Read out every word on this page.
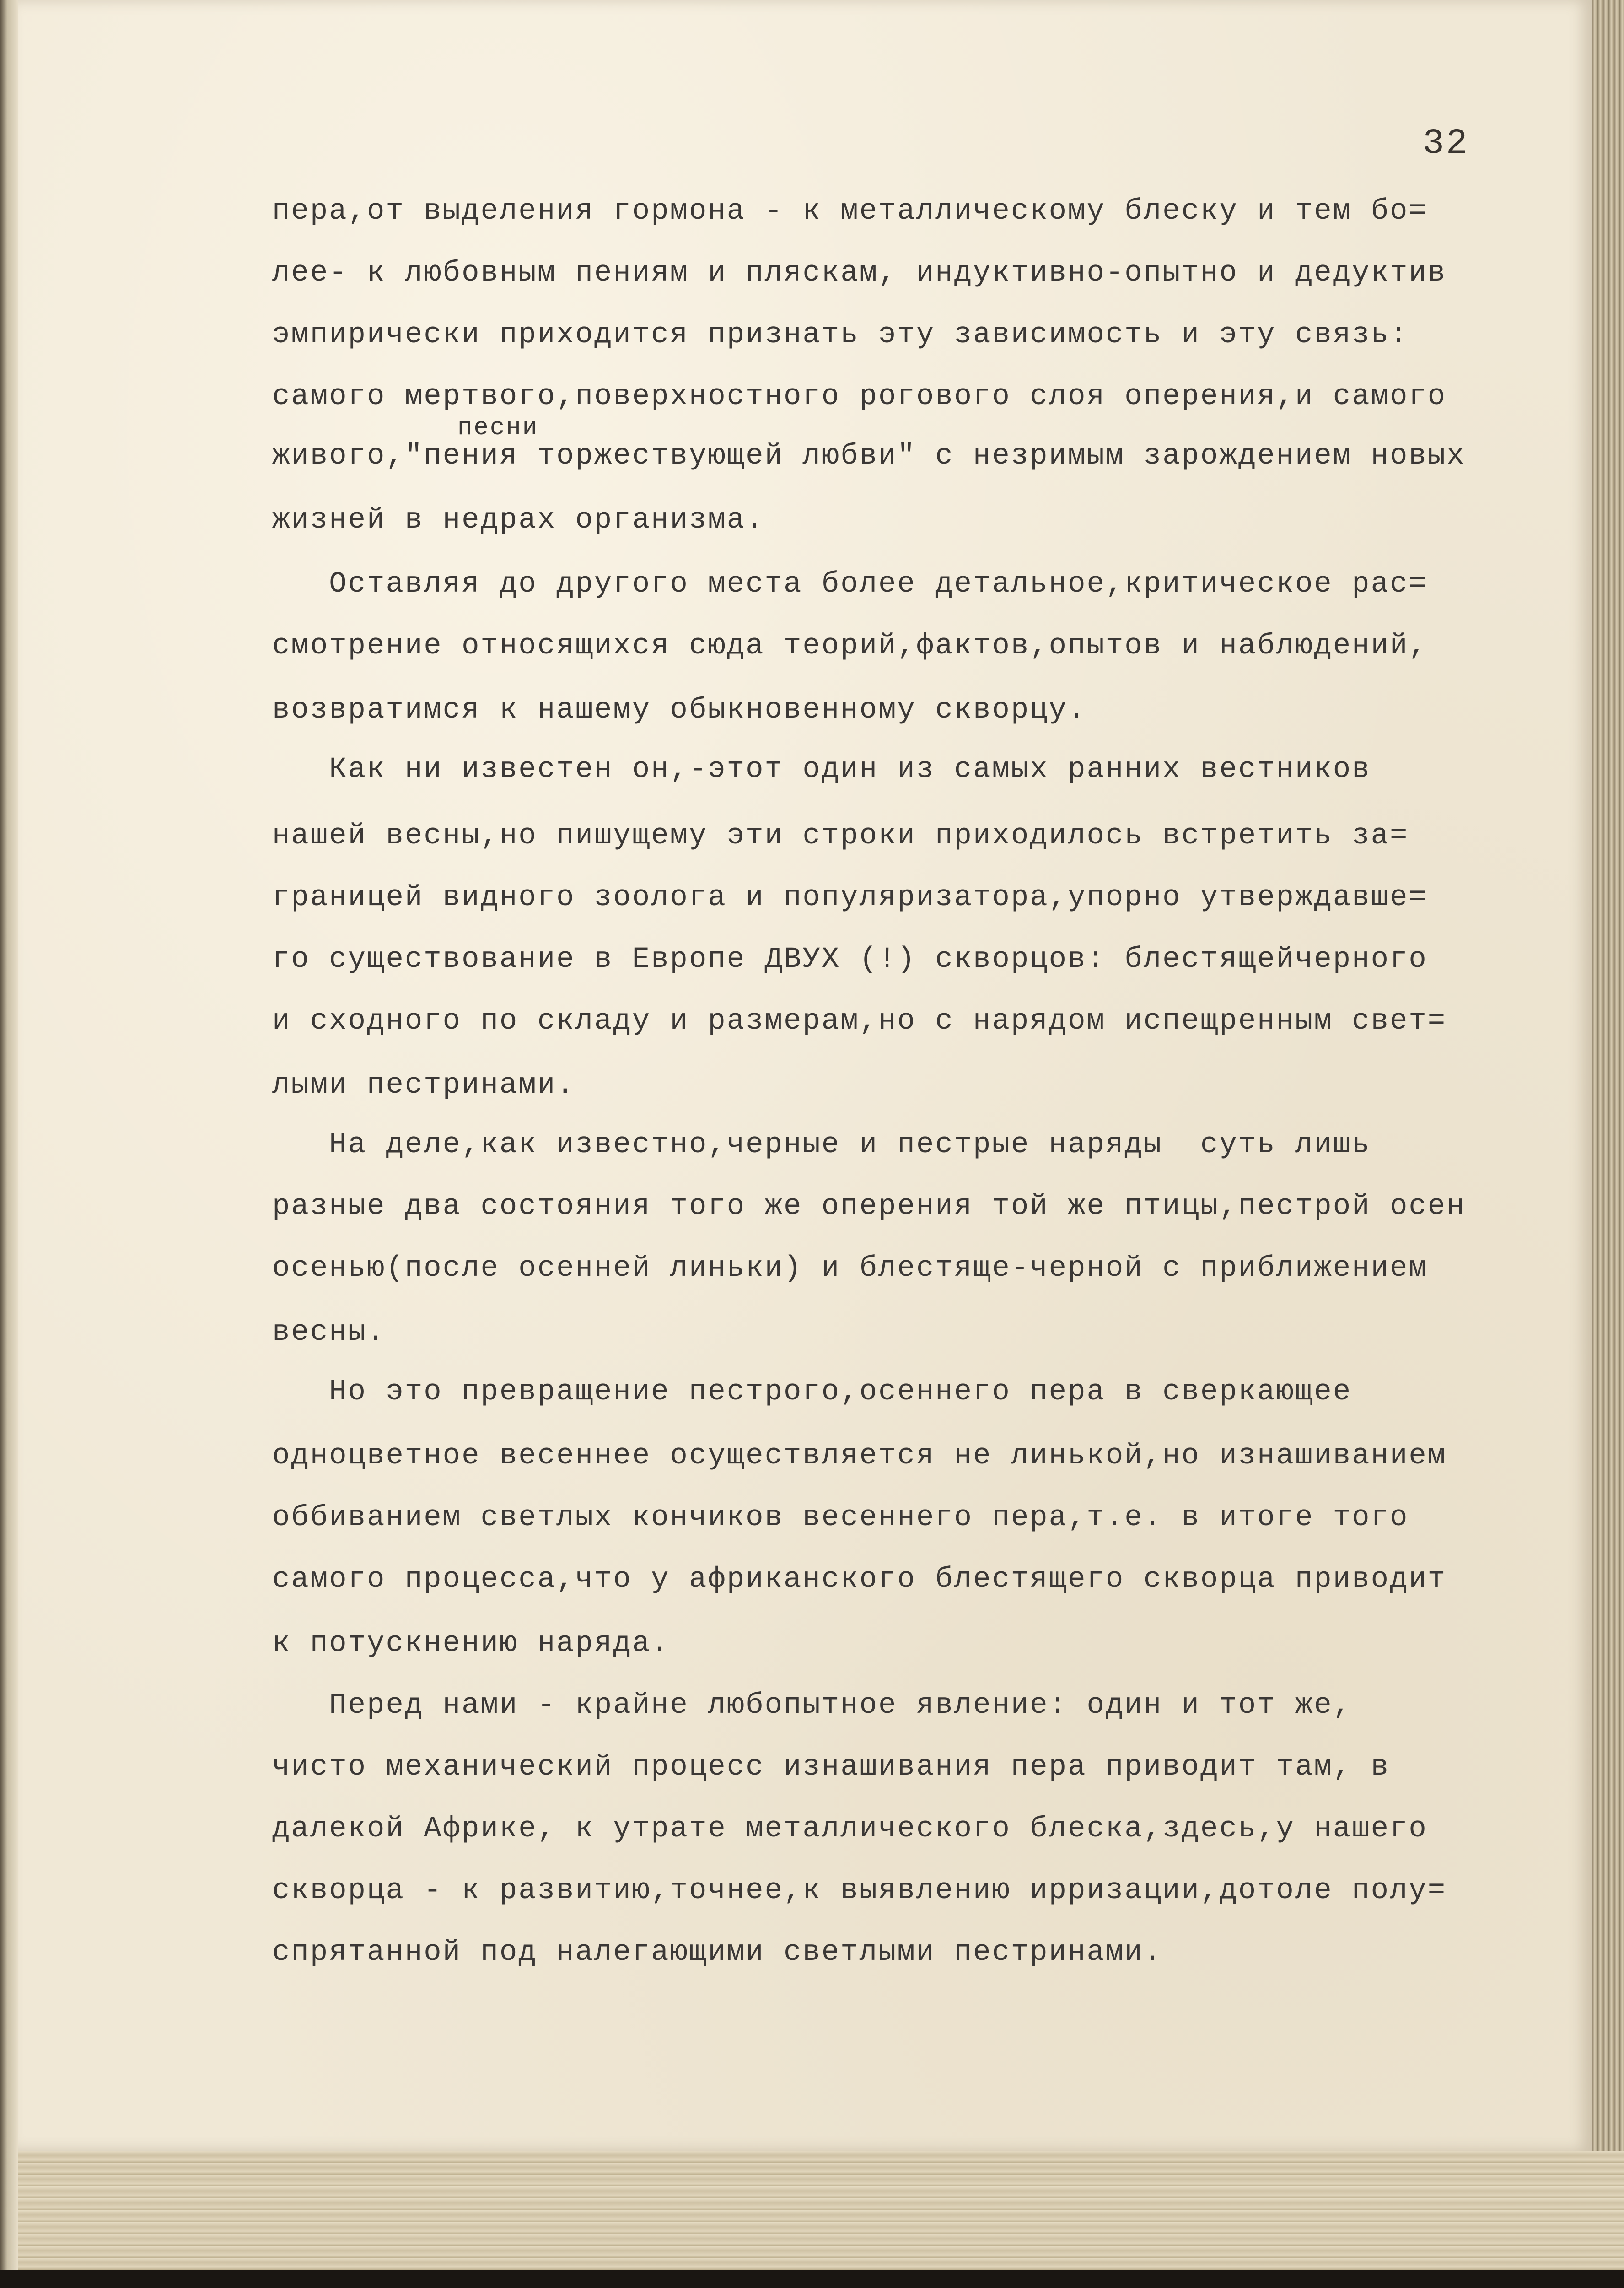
32
песни
пера,от выделения гормона - к металлическому блеску и тем бо=
лее- к любовным пениям и пляскам, индуктивно-опытно и дедуктив
эмпирически приходится признать эту зависимость и эту связь:
самого мертвого,поверхностного рогового слоя оперения,и самого
живого,"пения торжествующей любви" с незримым зарождением новых
жизней в недрах организма.
Оставляя до другого места более детальное,критическое рас=
смотрение относящихся сюда теорий,фактов,опытов и наблюдений,
возвратимся к нашему обыкновенному скворцу.
Как ни известен он,-этот один из самых ранних вестников
нашей весны,но пишущему эти строки приходилось встретить за=
границей видного зоолога и популяризатора,упорно утверждавше=
го существование в Европе ДВУХ (!) скворцов: блестящейчерного
и сходного по складу и размерам,но с нарядом испещренным свет=
лыми пестринами.
На деле,как известно,черные и пестрые наряды  суть лишь
разные два состояния того же оперения той же птицы,пестрой осен
осенью(после осенней линьки) и блестяще-черной с приближением
весны.
Но это превращение пестрого,осеннего пера в сверкающее
одноцветное весеннее осуществляется не линькой,но изнашиванием
оббиванием светлых кончиков весеннего пера,т.е. в итоге того
самого процесса,что у африканского блестящего скворца приводит
к потускнению наряда.
Перед нами - крайне любопытное явление: один и тот же,
чисто механический процесс изнашивания пера приводит там, в
далекой Африке, к утрате металлического блеска,здесь,у нашего
скворца - к развитию,точнее,к выявлению ирризации,дотоле полу=
спрятанной под налегающими светлыми пестринами.
